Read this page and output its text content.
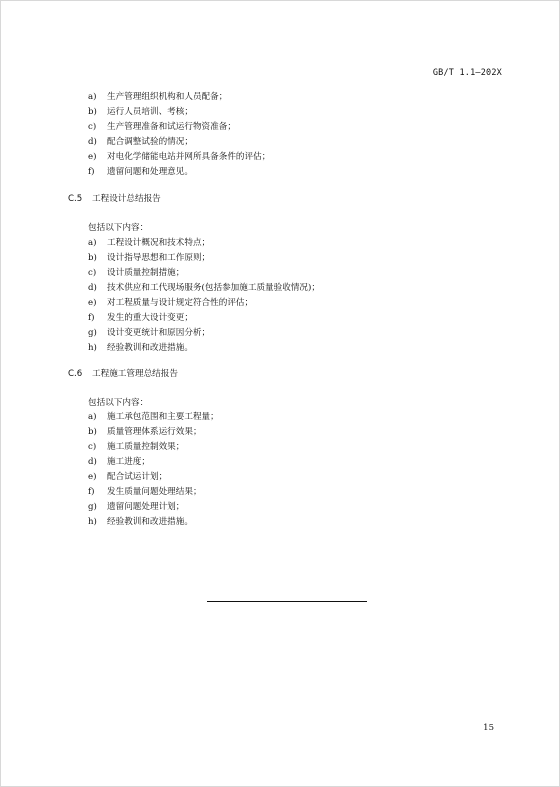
GB/T 1.1—202X
a)	生产管理组织机构和人员配备；
b)	运行人员培训、考核；
c)	生产管理准备和试运行物资准备；
d)	配合调整试验的情况；
e)	对电化学储能电站并网所具备条件的评估；
f)	遗留问题和处理意见。
C.5 工程设计总结报告
包括以下内容：
a)	工程设计概况和技术特点；
b)	设计指导思想和工作原则；
c)	设计质量控制措施；
d)	技术供应和工代现场服务(包括参加施工质量验收情况)；
e)	对工程质量与设计规定符合性的评估；
f)	发生的重大设计变更；
g)	设计变更统计和原因分析；
h)	经验教训和改进措施。
C.6 工程施工管理总结报告
包括以下内容：
a)	施工承包范围和主要工程量；
b)	质量管理体系运行效果；
c)	施工质量控制效果；
d)	施工进度；
e)	配合试运计划；
f)	发生质量问题处理结果；
g)	遗留问题处理计划；
h)	经验教训和改进措施。
15
